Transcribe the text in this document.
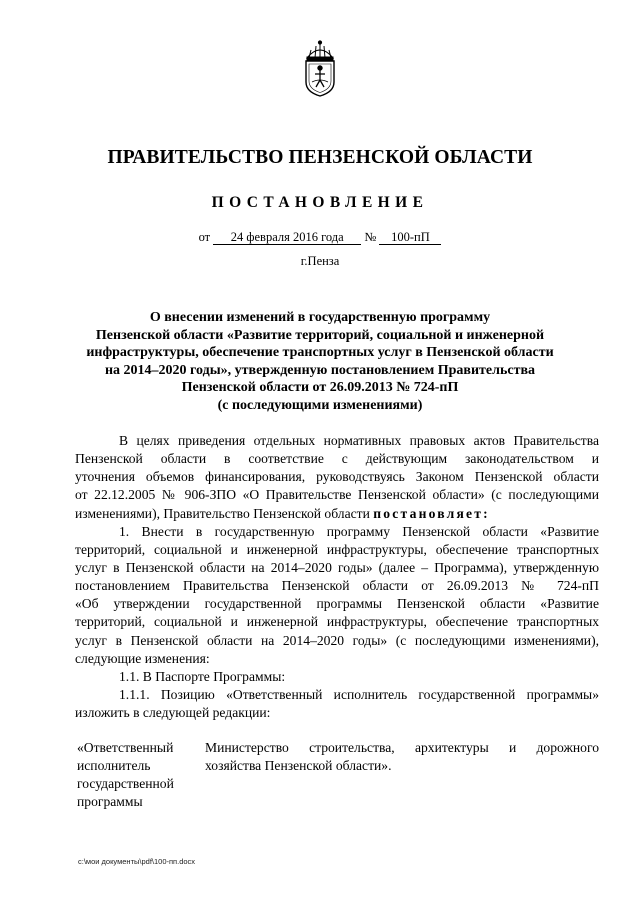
ПРАВИТЕЛЬСТВО ПЕНЗЕНСКОЙ ОБЛАСТИ
ПОСТАНОВЛЕНИЕ
от 24 февраля 2016 года № 100-пП
г.Пенза
О внесении изменений в государственную программу
Пензенской области «Развитие территорий, социальной и инженерной
инфраструктуры, обеспечение транспортных услуг в Пензенской области
на 2014–2020 годы», утвержденную постановлением Правительства
Пензенской области от 26.09.2013 № 724-пП
(с последующими изменениями)
В целях приведения отдельных нормативных правовых актов Правительства
Пензенской области в соответствие с действующим законодательством и
уточнения объемов финансирования, руководствуясь Законом Пензенской области
от 22.12.2005 № 906-ЗПО «О Правительстве Пензенской области» (с последующими
изменениями), Правительство Пензенской области постановляет:
1. Внести в государственную программу Пензенской области «Развитие
территорий, социальной и инженерной инфраструктуры, обеспечение транспортных
услуг в Пензенской области на 2014–2020 годы» (далее – Программа), утвержденную
постановлением Правительства Пензенской области от 26.09.2013 № 724-пП
«Об утверждении государственной программы Пензенской области «Развитие
территорий, социальной и инженерной инфраструктуры, обеспечение транспортных
услуг в Пензенской области на 2014–2020 годы» (с последующими изменениями),
следующие изменения:
1.1. В Паспорте Программы:
1.1.1. Позицию «Ответственный исполнитель государственной программы»
изложить в следующей редакции:
«Ответственный
исполнитель
государственной
программы
Министерство строительства, архитектуры и дорожного
хозяйства Пензенской области».
c:\мои документы\pdf\100-пп.docx
